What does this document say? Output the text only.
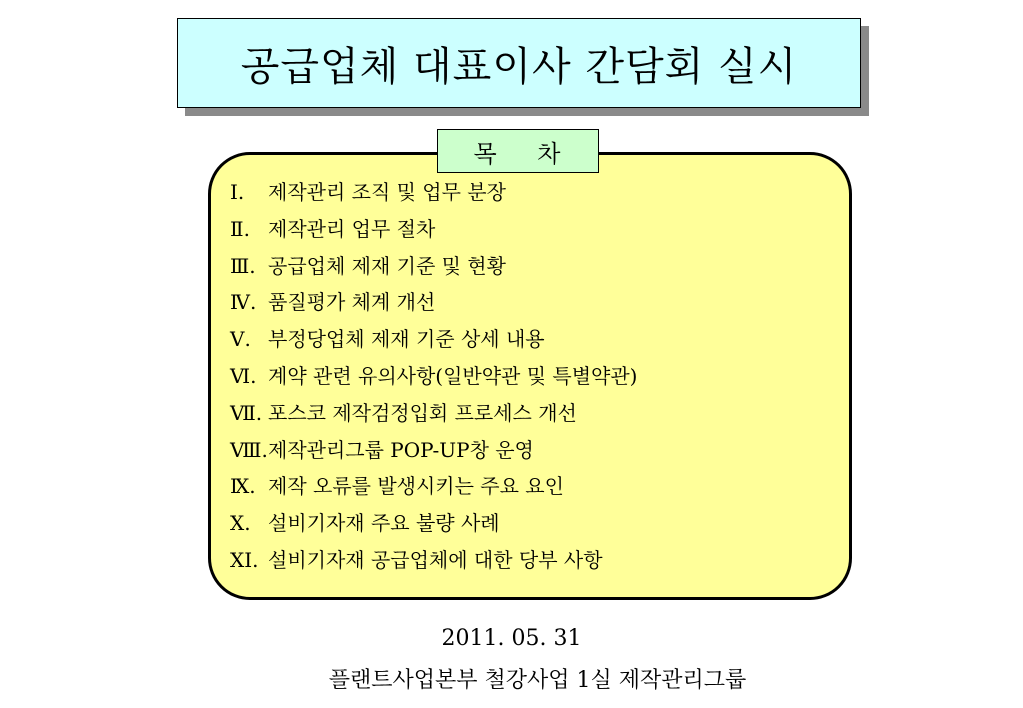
공급업체 대표이사 간담회 실시
목    차
Ⅰ.	제작관리 조직 및 업무 분장
Ⅱ. 제작관리 업무 절차
Ⅲ. 공급업체 제재 기준 및 현황
Ⅳ. 품질평가 체계 개선
Ⅴ. 부정당업체 제재 기준 상세 내용
Ⅵ. 계약 관련 유의사항(일반약관 및 특별약관)
Ⅶ. 포스코 제작검정입회 프로세스 개선
Ⅷ. 제작관리그룹 POP-UP창 운영
Ⅸ. 제작 오류를 발생시키는 주요 요인
Ⅹ. 설비기자재 주요 불량 사례
XI. 설비기자재 공급업체에 대한 당부 사항
2011. 05. 31
플랜트사업본부 철강사업 1실 제작관리그룹
